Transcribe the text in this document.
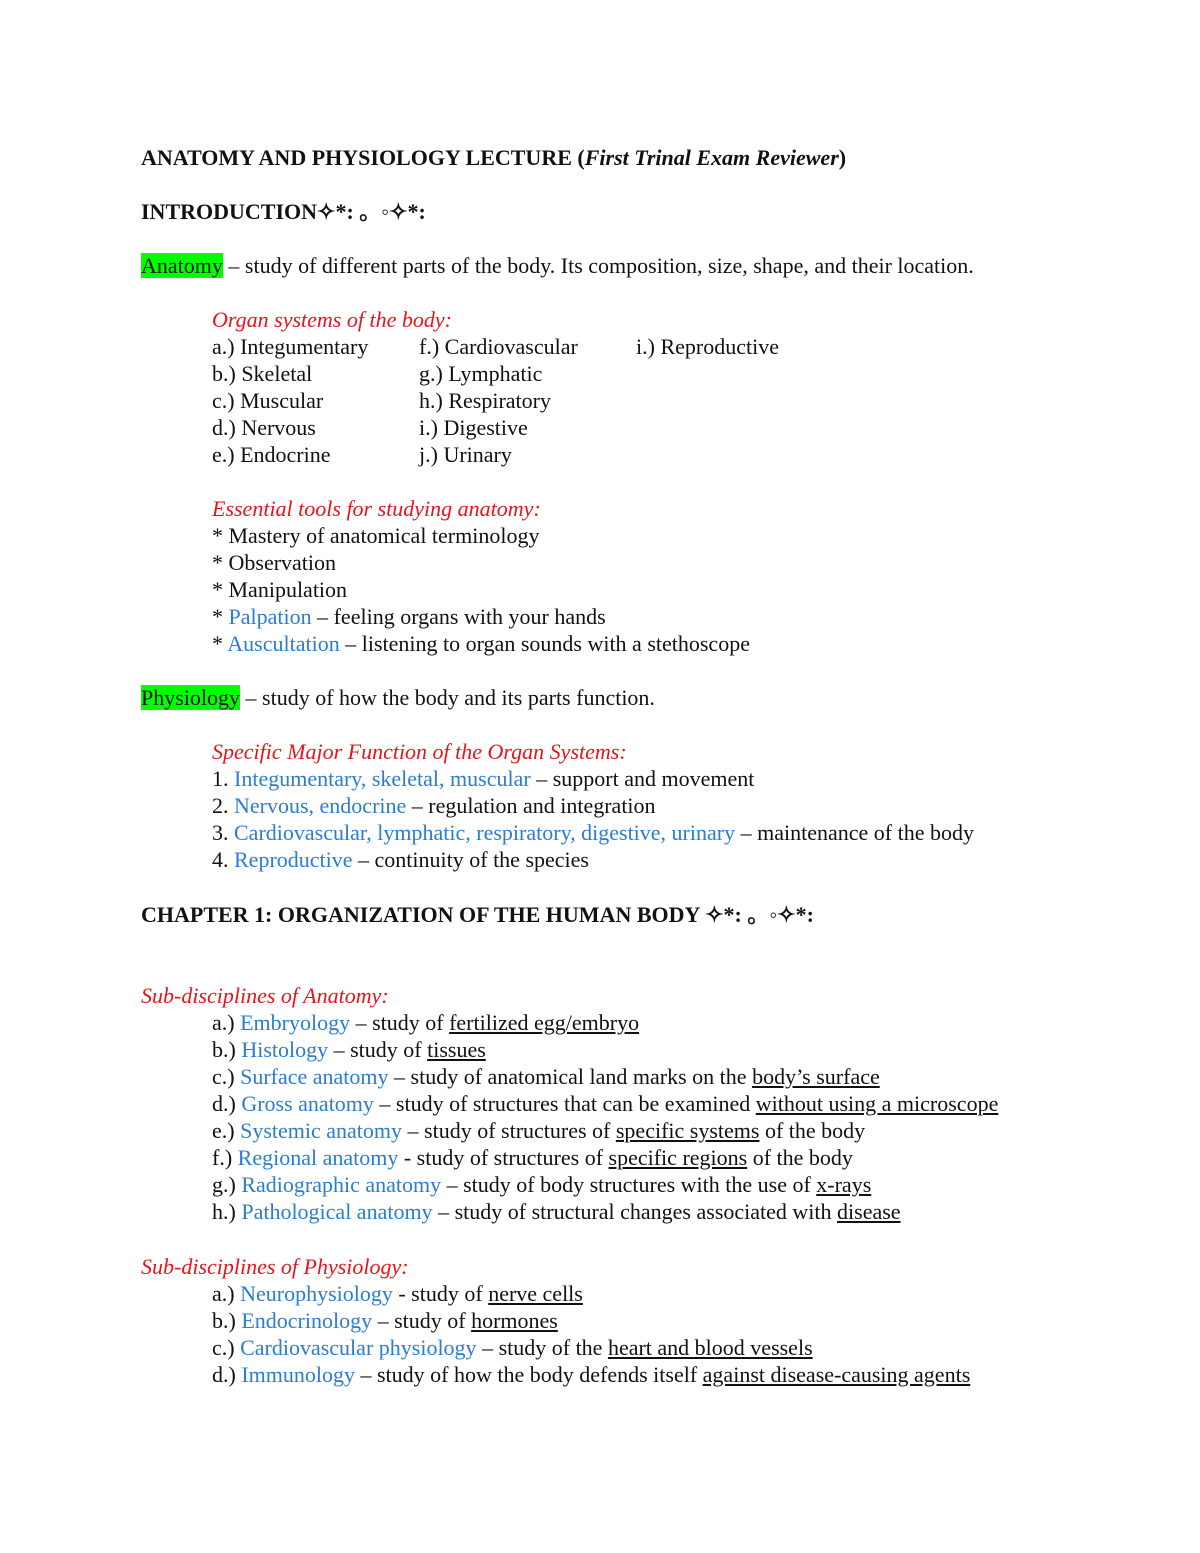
ANATOMY AND PHYSIOLOGY LECTURE (First Trinal Exam Reviewer)
INTRODUCTION✧*: 。◦✧*:
Anatomy – study of different parts of the body. Its composition, size, shape, and their location.
Organ systems of the body:
a.) Integumentary
b.) Skeletal
c.) Muscular
d.) Nervous
e.) Endocrine
f.) Cardiovascular
g.) Lymphatic
h.) Respiratory
i.) Digestive
j.) Urinary
i.) Reproductive
Essential tools for studying anatomy:
* Mastery of anatomical terminology
* Observation
* Manipulation
* Palpation – feeling organs with your hands
* Auscultation – listening to organ sounds with a stethoscope
Physiology – study of how the body and its parts function.
Specific Major Function of the Organ Systems:
1. Integumentary, skeletal, muscular – support and movement
2. Nervous, endocrine – regulation and integration
3. Cardiovascular, lymphatic, respiratory, digestive, urinary – maintenance of the body
4. Reproductive – continuity of the species
CHAPTER 1: ORGANIZATION OF THE HUMAN BODY ✧*: 。◦✧*:
Sub-disciplines of Anatomy:
a.) Embryology – study of fertilized egg/embryo
b.) Histology – study of tissues
c.) Surface anatomy – study of anatomical land marks on the body’s surface
d.) Gross anatomy – study of structures that can be examined without using a microscope
e.) Systemic anatomy – study of structures of specific systems of the body
f.) Regional anatomy - study of structures of specific regions of the body
g.) Radiographic anatomy – study of body structures with the use of x-rays
h.) Pathological anatomy – study of structural changes associated with disease
Sub-disciplines of Physiology:
a.) Neurophysiology - study of nerve cells
b.) Endocrinology – study of hormones
c.) Cardiovascular physiology – study of the heart and blood vessels
d.) Immunology – study of how the body defends itself against disease-causing agents
